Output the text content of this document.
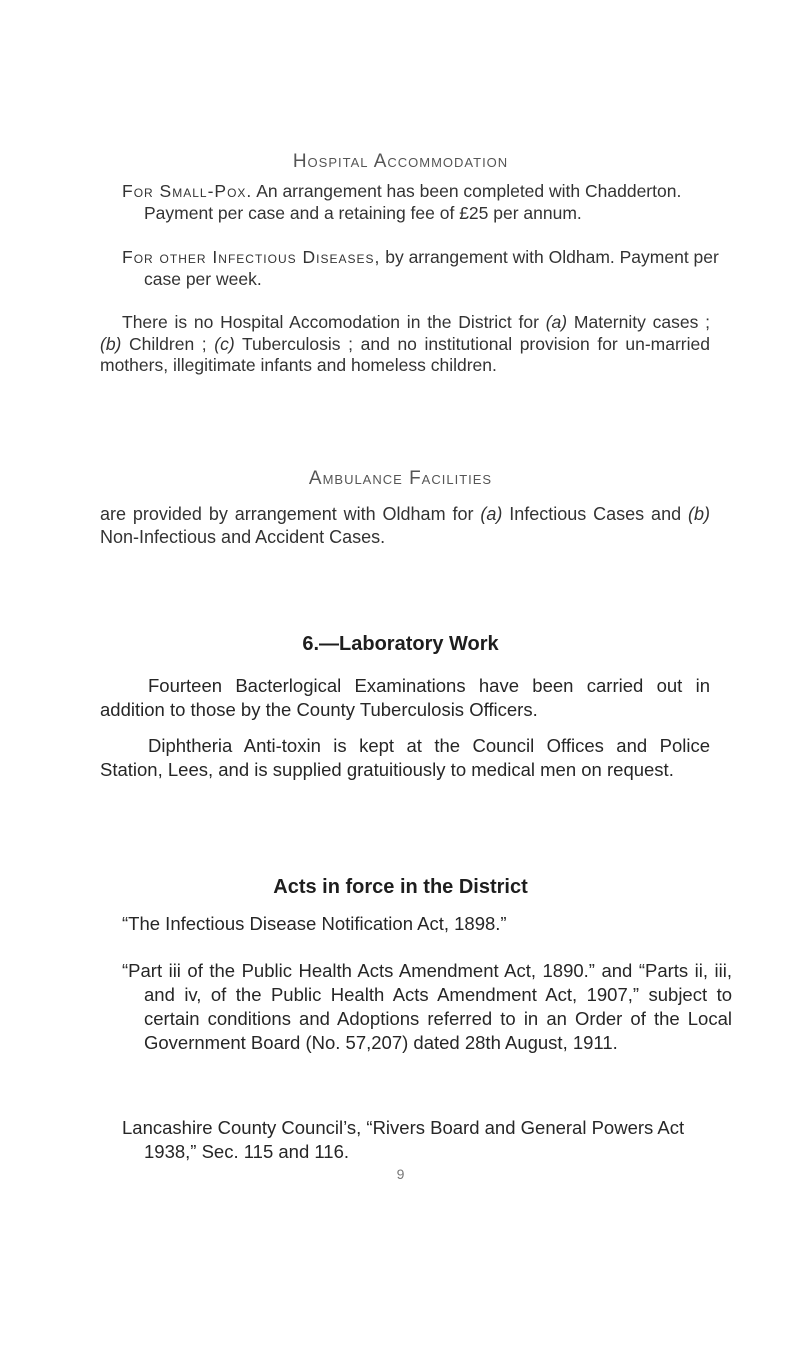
Hospital Accommodation
For Small-Pox. An arrangement has been completed with Chadderton. Payment per case and a retaining fee of £25 per annum.
For other Infectious Diseases, by arrangement with Oldham. Payment per case per week.
There is no Hospital Accomodation in the District for (a) Maternity cases ; (b) Children ; (c) Tuberculosis ; and no institutional provision for un-married mothers, illegitimate infants and homeless children.
Ambulance Facilities
are provided by arrangement with Oldham for (a) Infectious Cases and (b) Non-Infectious and Accident Cases.
6.—Laboratory Work
Fourteen Bacterlogical Examinations have been carried out in addition to those by the County Tuberculosis Officers.
Diphtheria Anti-toxin is kept at the Council Offices and Police Station, Lees, and is supplied gratuitiously to medical men on request.
Acts in force in the District
“The Infectious Disease Notification Act, 1898.”
“Part iii of the Public Health Acts Amendment Act, 1890.” and “Parts ii, iii, and iv, of the Public Health Acts Amendment Act, 1907,” subject to certain conditions and Adoptions referred to in an Order of the Local Government Board (No. 57,207) dated 28th August, 1911.
Lancashire County Council’s, “Rivers Board and General Powers Act 1938,” Sec. 115 and 116.
9
